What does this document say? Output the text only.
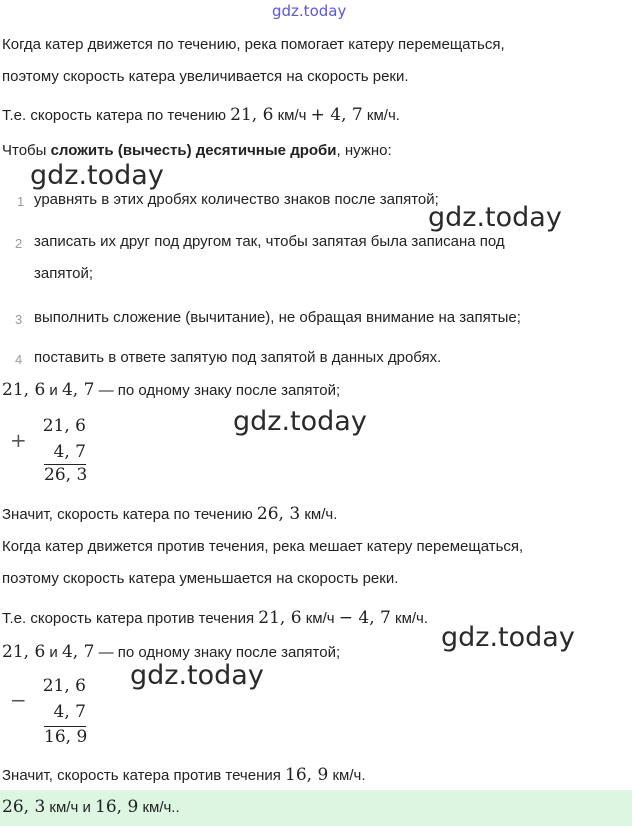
gdz.today
Когда катер движется по течению, река помогает катеру перемещаться,
поэтому скорость катера увеличивается на скорость реки.
Т.е. скорость катера по течению 21, 6 км/ч + 4, 7 км/ч.
Чтобы сложить (вычесть) десятичные дроби, нужно:
gdz.today
1 уравнять в этих дробях количество знаков после запятой;
gdz.today
2 записать их друг под другом так, чтобы запятая была записана под
запятой;
3 выполнить сложение (вычитание), не обращая внимание на запятые;
4 поставить в ответе запятую под запятой в данных дробях.
21, 6 и 4, 7 — по одному знаку после запятой;
+
21, 6
4, 7
26, 3
gdz.today
Значит, скорость катера по течению 26, 3 км/ч.
Когда катер движется против течения, река мешает катеру перемещаться,
поэтому скорость катера уменьшается на скорость реки.
Т.е. скорость катера против течения 21, 6 км/ч − 4, 7 км/ч.
gdz.today
21, 6 и 4, 7 — по одному знаку после запятой;
gdz.today
−
21, 6
4, 7
16, 9
Значит, скорость катера против течения 16, 9 км/ч.
26, 3 км/ч и 16, 9 км/ч..
